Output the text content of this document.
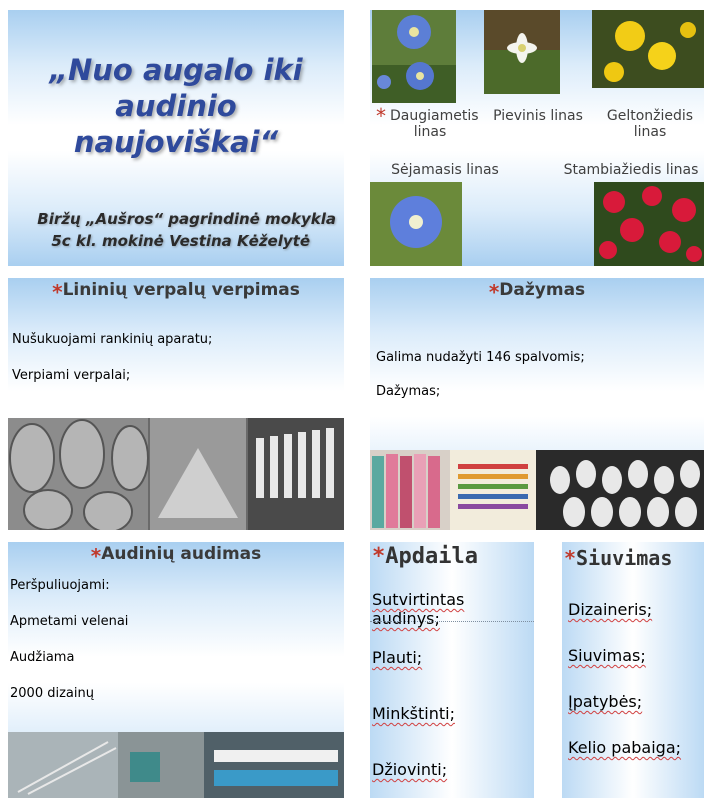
„Nuo augalo iki audinio naujoviškai“
Biržų „Aušros“ pagrindinė mokykla
5c kl. mokinė Vestina Kėželytė
* Daugiametis linas
Pievinis linas	Geltonžiedis linas
Sėjamasis linas	Stambiažiedis linas
*Lininių verpalų verpimas
Nušukuojami rankinių aparatu;
Verpiami verpalai;
*Dažymas
Galima nudažyti 146 spalvomis;
Dažymas;
*Audinių audimas
Peršpuliuojami:
Apmetami velenai
Audžiama
2000 dizainų
*Apdaila
Sutvirtintas audinys;
Plauti;
Minkštinti;
Džiovinti;
*Siuvimas
Dizaineris;
Siuvimas;
Įpatybės;
Kelio pabaiga;
